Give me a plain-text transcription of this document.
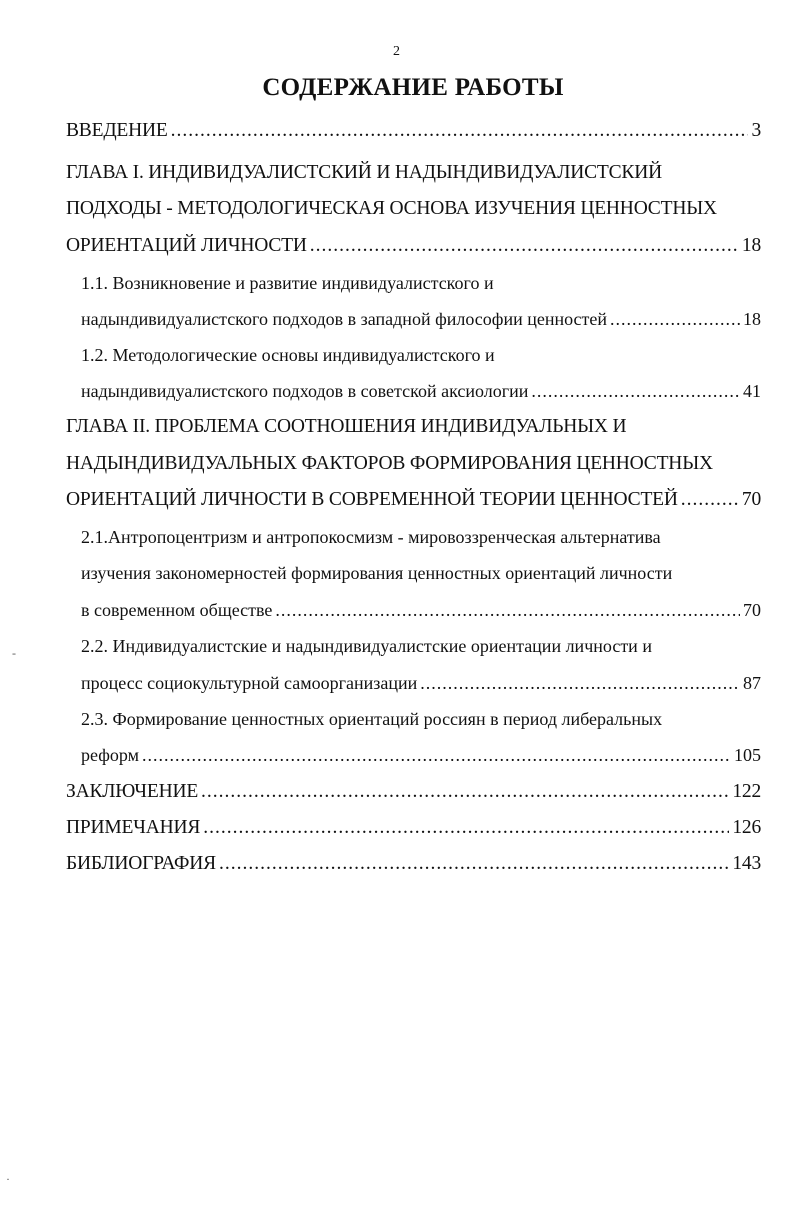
2
СОДЕРЖАНИЕ РАБОТЫ
ВВЕДЕНИЕ .....	3
ГЛАВА I. ИНДИВИДУАЛИСТСКИЙ И НАДЫНДИВИДУАЛИСТСКИЙ
ПОДХОДЫ - МЕТОДОЛОГИЧЕСКАЯ ОСНОВА ИЗУЧЕНИЯ ЦЕННОСТНЫХ
ОРИЕНТАЦИЙ ЛИЧНОСТИ .....	18
1.1. Возникновение и развитие индивидуалистского и
надындивидуалистского подходов в западной философии ценностей .....	18
1.2. Методологические основы индивидуалистского и
надындивидуалистского подходов в советской аксиологии .....	41
ГЛАВА II. ПРОБЛЕМА СООТНОШЕНИЯ ИНДИВИДУАЛЬНЫХ И
НАДЫНДИВИДУАЛЬНЫХ ФАКТОРОВ ФОРМИРОВАНИЯ ЦЕННОСТНЫХ
ОРИЕНТАЦИЙ ЛИЧНОСТИ В СОВРЕМЕННОЙ ТЕОРИИ ЦЕННОСТЕЙ .....	70
2.1.Антропоцентризм и антропокосмизм - мировоззренческая альтернатива
изучения закономерностей формирования ценностных ориентаций личности
в современном обществе .....	70
2.2. Индивидуалистские и надындивидуалистские ориентации личности и
процесс социокультурной самоорганизации .....	87
2.3. Формирование ценностных ориентаций россиян в период либеральных
реформ .....	105
ЗАКЛЮЧЕНИЕ .....	122
ПРИМЕЧАНИЯ .....	126
БИБЛИОГРАФИЯ .....	143
-
·
